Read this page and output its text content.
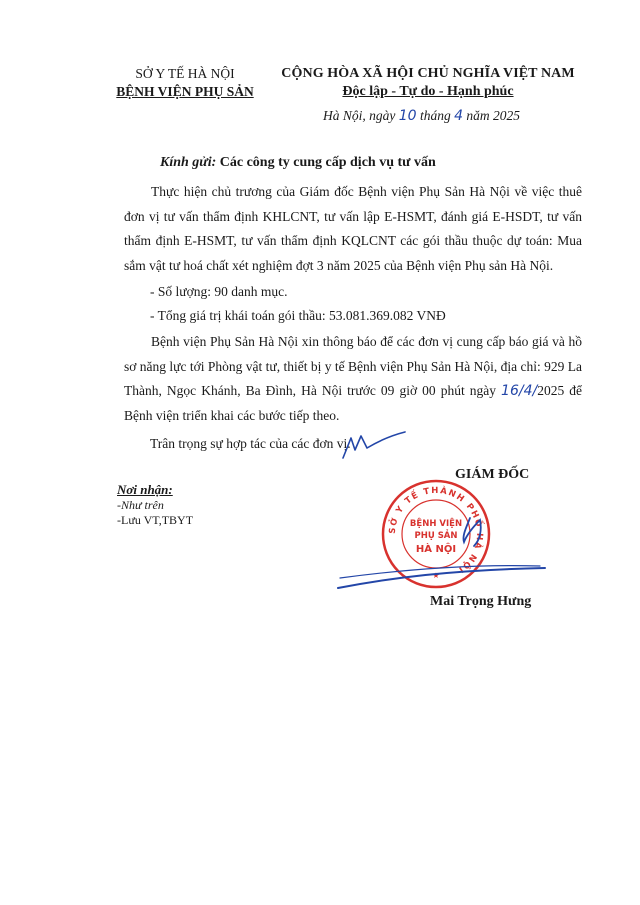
SỞ Y TẾ HÀ NỘI
BỆNH VIỆN PHỤ SẢN
CỘNG HÒA XÃ HỘI CHỦ NGHĨA VIỆT NAM
Độc lập - Tự do - Hạnh phúc
Hà Nội, ngày 10 tháng 4 năm 2025
Kính gửi: Các công ty cung cấp dịch vụ tư vấn
Thực hiện chủ trương của Giám đốc Bệnh viện Phụ Sản Hà Nội về việc thuê đơn vị tư vấn thẩm định KHLCNT, tư vấn lập E-HSMT, đánh giá E-HSDT, tư vấn thẩm định E-HSMT, tư vấn thẩm định KQLCNT các gói thầu thuộc dự toán: Mua sắm vật tư hoá chất xét nghiệm đợt 3 năm 2025 của Bệnh viện Phụ sản Hà Nội.
- Số lượng: 90 danh mục.
- Tổng giá trị khái toán gói thầu: 53.081.369.082 VNĐ
Bệnh viện Phụ Sản Hà Nội xin thông báo để các đơn vị cung cấp báo giá và hồ sơ năng lực tới Phòng vật tư, thiết bị y tế Bệnh viện Phụ Sản Hà Nội, địa chỉ: 929 La Thành, Ngọc Khánh, Ba Đình, Hà Nội trước 09 giờ 00 phút ngày 16/4/2025 để Bệnh viện triển khai các bước tiếp theo.
Trân trọng sự hợp tác của các đơn vị.
Nơi nhận:
-Như trên
-Lưu VT,TBYT
GIÁM ĐỐC
SỞ Y TẾ THÀNH PHỐ HÀ NỘI
BỆNH VIỆN
PHỤ SẢN
HÀ NỘI
★
Mai Trọng Hưng
